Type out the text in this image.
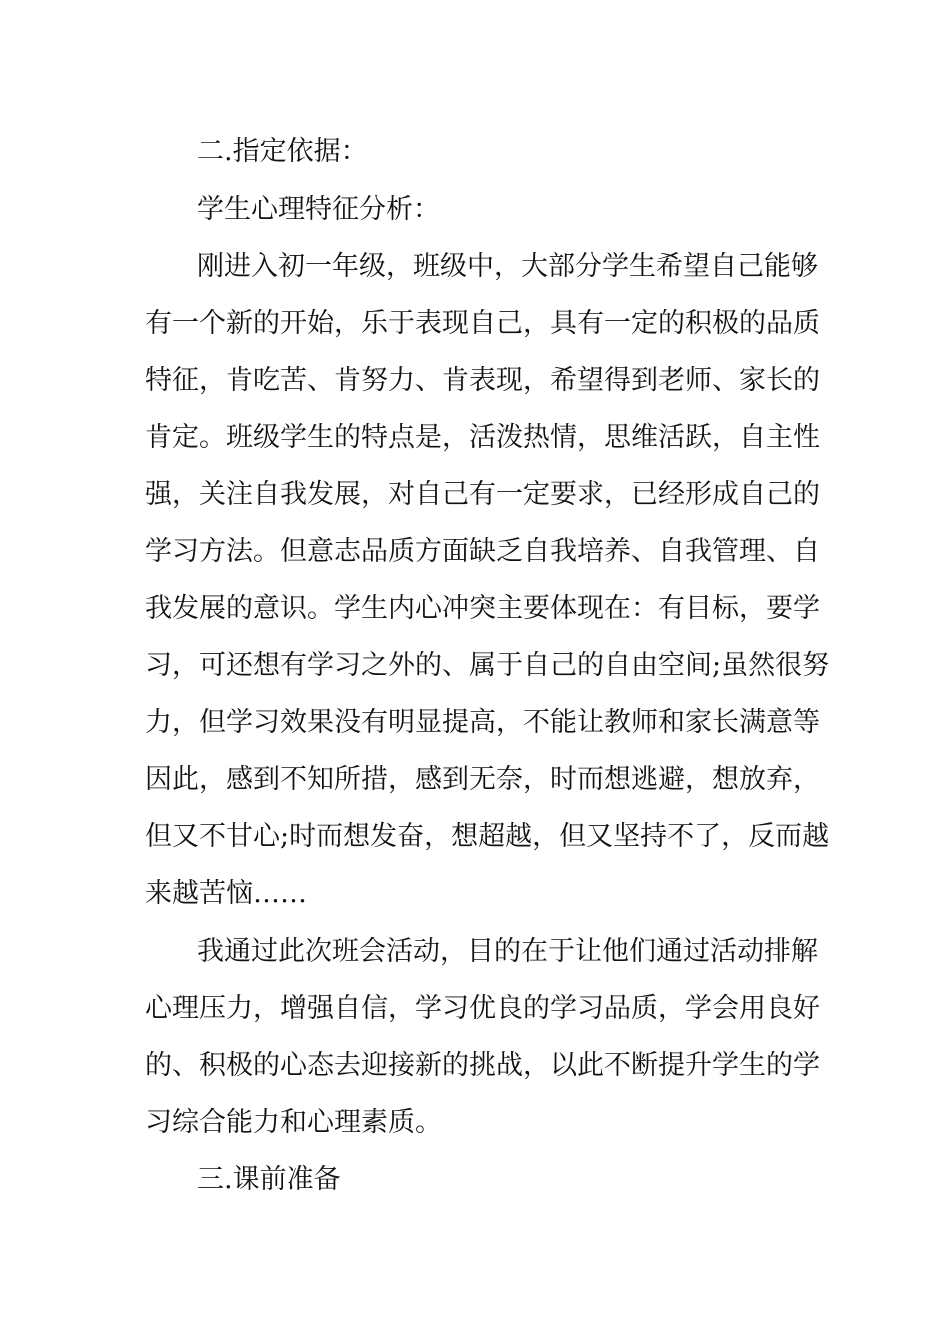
二.指定依据：
学生心理特征分析：
刚进入初一年级，班级中，大部分学生希望自己能够
有一个新的开始，乐于表现自己，具有一定的积极的品质
特征，肯吃苦、肯努力、肯表现，希望得到老师、家长的
肯定。班级学生的特点是，活泼热情，思维活跃，自主性
强，关注自我发展，对自己有一定要求，已经形成自己的
学习方法。但意志品质方面缺乏自我培养、自我管理、自
我发展的意识。学生内心冲突主要体现在：有目标，要学
习，可还想有学习之外的、属于自己的自由空间;虽然很努
力，但学习效果没有明显提高，不能让教师和家长满意等
因此，感到不知所措，感到无奈，时而想逃避，想放弃，
但又不甘心;时而想发奋，想超越，但又坚持不了，反而越
来越苦恼……
我通过此次班会活动，目的在于让他们通过活动排解
心理压力，增强自信，学习优良的学习品质，学会用良好
的、积极的心态去迎接新的挑战，以此不断提升学生的学
习综合能力和心理素质。
三.课前准备
